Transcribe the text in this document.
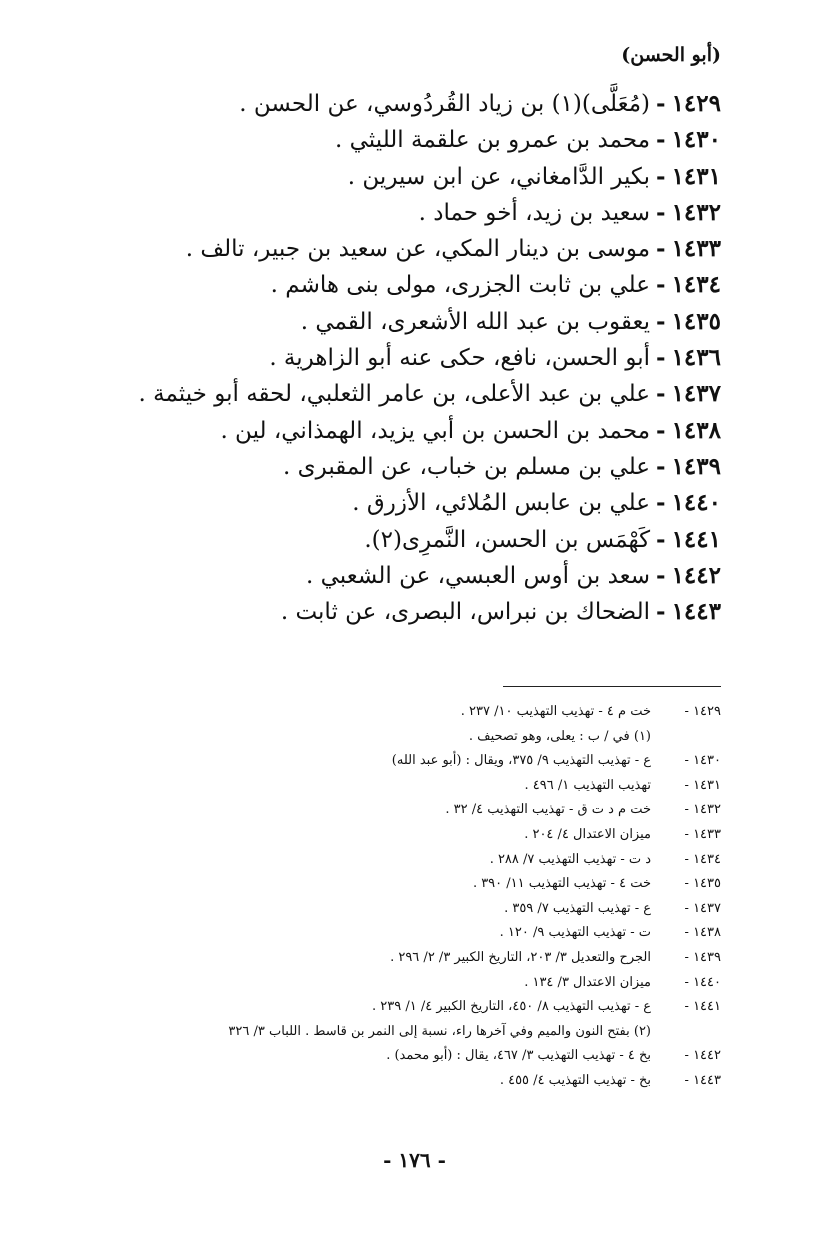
(أبو الحسن)
١٤٢٩-(مُعَلَّى)(١) بن زياد القُردُوسي، عن الحسن .
١٤٣٠-محمد بن عمرو بن علقمة الليثي .
١٤٣١-بكير الدَّامغاني، عن ابن سيرين .
١٤٣٢-سعيد بن زيد، أخو حماد .
١٤٣٣-موسى بن دينار المكي، عن سعيد بن جبير، تالف .
١٤٣٤-علي بن ثابت الجزرى، مولى بنى هاشم .
١٤٣٥-يعقوب بن عبد الله الأشعرى، القمي .
١٤٣٦-أبو الحسن، نافع، حكى عنه أبو الزاهرية .
١٤٣٧-علي بن عبد الأعلى، بن عامر الثعلبي، لحقه أبو خيثمة .
١٤٣٨-محمد بن الحسن بن أبي يزيد، الهمذاني، لين .
١٤٣٩-علي بن مسلم بن خباب، عن المقبرى .
١٤٤٠-علي بن عابس المُلائي، الأزرق .
١٤٤١-كَهْمَس بن الحسن، النَّمرِى(٢).
١٤٤٢-سعد بن أوس العبسي، عن الشعبي .
١٤٤٣-الضحاك بن نبراس، البصرى، عن ثابت .
١٤٢٩ -
خت م ٤ - تهذيب التهذيب ١٠/ ٢٣٧ .
(١) في / ب : يعلى، وهو تصحيف .
١٤٣٠ -
ع - تهذيب التهذيب ٩/ ٣٧٥، ويقال : (أبو عبد الله)
١٤٣١ -
تهذيب التهذيب ١/ ٤٩٦ .
١٤٣٢ -
خت م د ت ق - تهذيب التهذيب ٤/ ٣٢ .
١٤٣٣ -
ميزان الاعتدال ٤/ ٢٠٤ .
١٤٣٤ -
د ت - تهذيب التهذيب ٧/ ٢٨٨ .
١٤٣٥ -
خت ٤ - تهذيب التهذيب ١١/ ٣٩٠ .
١٤٣٧ -
ع - تهذيب التهذيب ٧/ ٣٥٩ .
١٤٣٨ -
ت - تهذيب التهذيب ٩/ ١٢٠ .
١٤٣٩ -
الجرح والتعديل ٣/ ٢٠٣، التاريخ الكبير ٣/ ٢/ ٢٩٦ .
١٤٤٠ -
ميزان الاعتدال ٣/ ١٣٤ .
١٤٤١ -
ع - تهذيب التهذيب ٨/ ٤٥٠، التاريخ الكبير ٤/ ١/ ٢٣٩ .
(٢) بفتح النون والميم وفي آخرها راء، نسبة إلى النمر بن قاسط . اللباب ٣/ ٣٢٦
١٤٤٢ -
بخ ٤ - تهذيب التهذيب ٣/ ٤٦٧، يقال : (أبو محمد) .
١٤٤٣ -
بخ - تهذيب التهذيب ٤/ ٤٥٥ .
- ١٧٦ -
